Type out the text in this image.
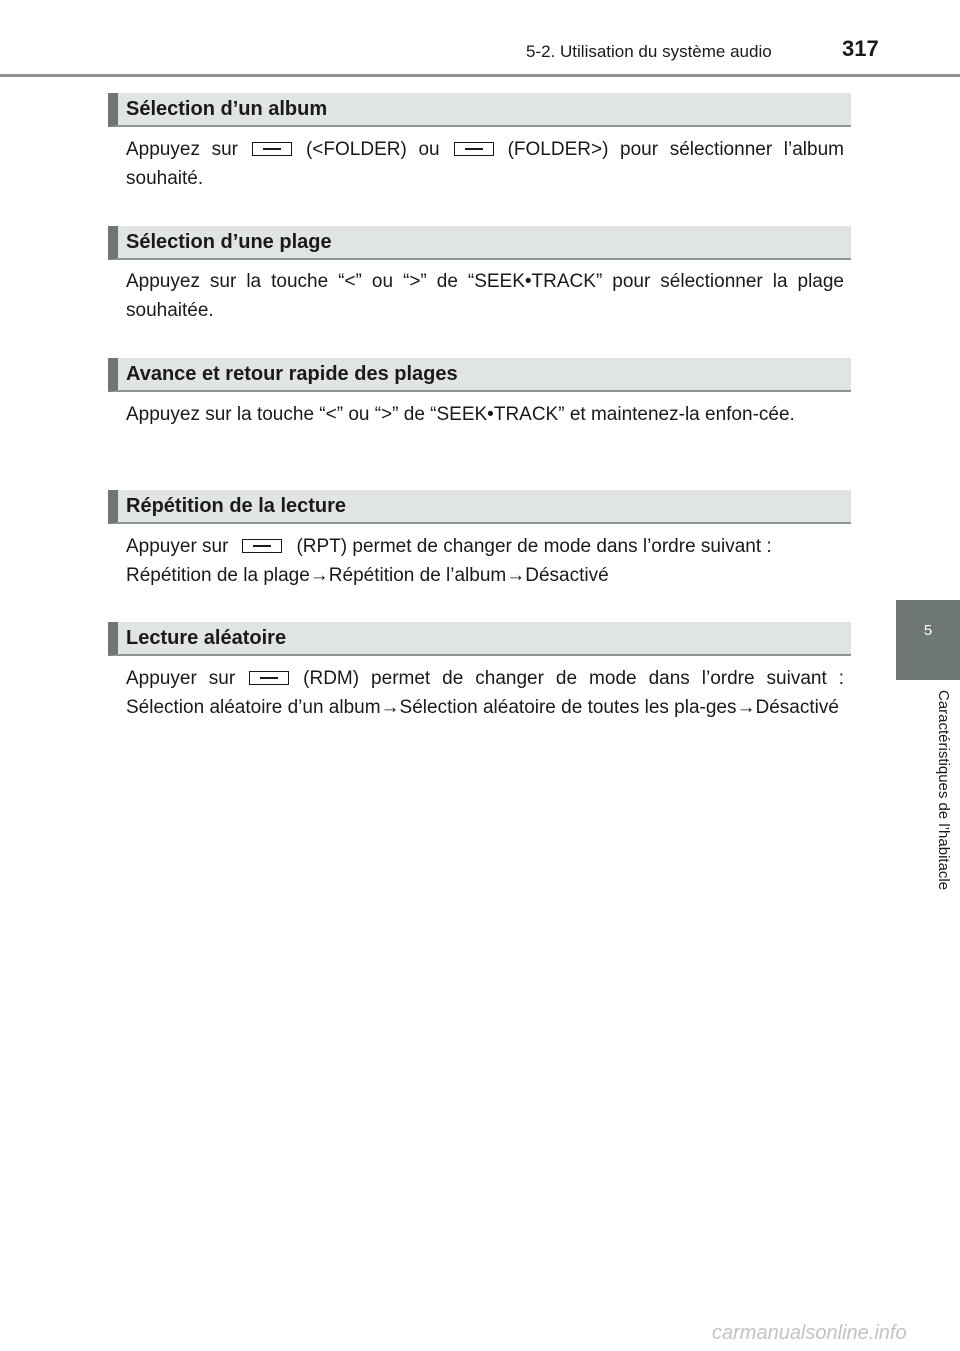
5-2. Utilisation du système audio	317
5
Caractéristiques de l’habitacle
Sélection d’un album
Appuyez sur	(<FOLDER) ou	(FOLDER>) pour sélectionner l’album souhaité.
Sélection d’une plage
Appuyez sur la touche “<” ou “>” de “SEEK•TRACK” pour sélectionner la plage souhaitée.
Avance et retour rapide des plages
Appuyez sur la touche “<” ou “>” de “SEEK•TRACK” et maintenez-la enfon-cée.
Répétition de la lecture
Appuyer sur	(RPT) permet de changer de mode dans l’ordre suivant : Répétition de la plage→Répétition de l’album→Désactivé
Lecture aléatoire
Appuyer sur	(RDM) permet de changer de mode dans l’ordre suivant : Sélection aléatoire d’un album→Sélection aléatoire de toutes les pla-ges→Désactivé
carmanualsonline.info
